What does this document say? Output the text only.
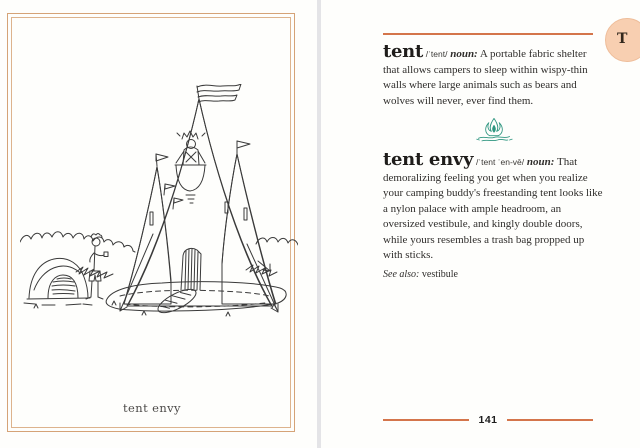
tent envy
T

tent /ˈtent/ noun: A portable fabric shelter that allows campers to sleep within wispy-thin walls where large animals such as bears and wolves will never, ever find them.

tent envy /ˈtent ˈen-vē/ noun: That demoralizing feeling you get when you realize your camping buddy's freestanding tent looks like a nylon palace with ample headroom, an oversized vestibule, and kingly double doors, while yours resembles a trash bag propped up with sticks.

See also: vestibule

141
